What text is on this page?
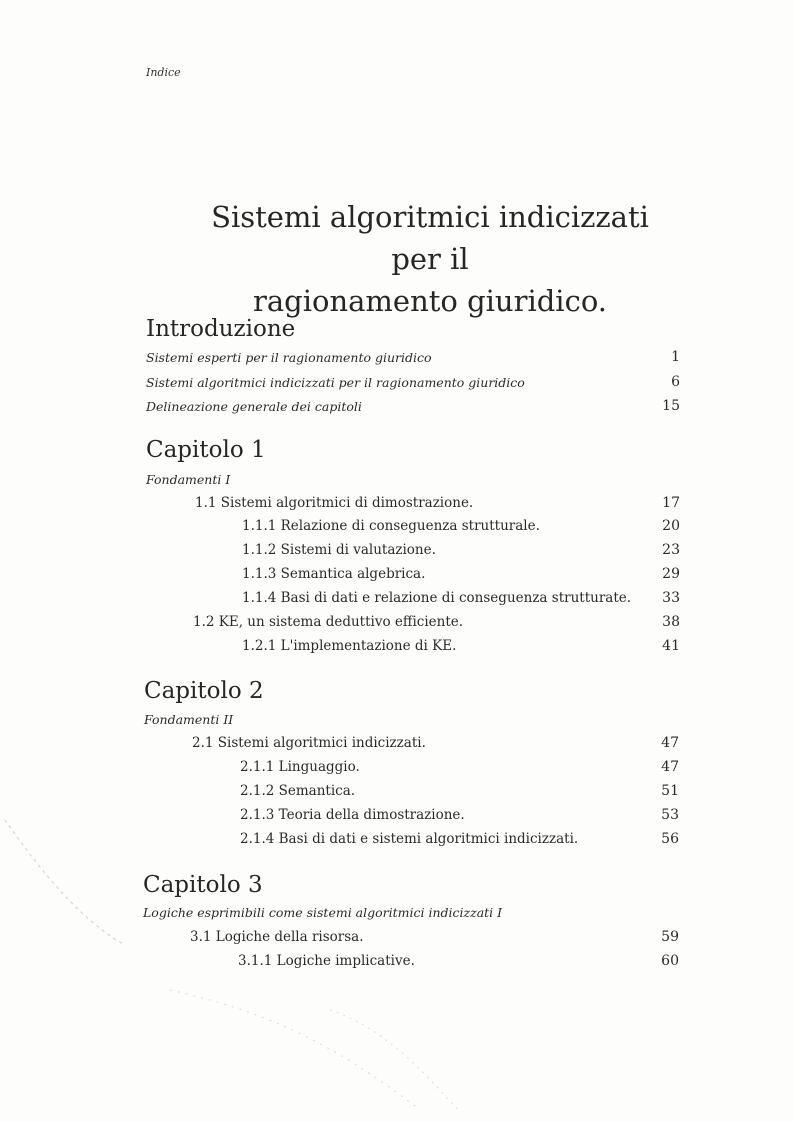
Indice
Sistemi algoritmici indicizzati per il
ragionamento giuridico.
Introduzione
Sistemi esperti per il ragionamento giuridico	1
Sistemi algoritmici indicizzati per il ragionamento giuridico	6
Delineazione generale dei capitoli	15
Capitolo 1
Fondamenti I
1.1 Sistemi algoritmici di dimostrazione.	17
1.1.1 Relazione di conseguenza strutturale.	20
1.1.2 Sistemi di valutazione.	23
1.1.3 Semantica algebrica.	29
1.1.4 Basi di dati e relazione di conseguenza strutturate.	33
1.2 KE, un sistema deduttivo efficiente.	38
1.2.1 L'implementazione di KE.	41
Capitolo 2
Fondamenti II
2.1 Sistemi algoritmici indicizzati.	47
2.1.1 Linguaggio.	47
2.1.2 Semantica.	51
2.1.3 Teoria della dimostrazione.	53
2.1.4 Basi di dati e sistemi algoritmici indicizzati.	56
Capitolo 3
Logiche esprimibili come sistemi algoritmici indicizzati I
3.1 Logiche della risorsa.	59
3.1.1 Logiche implicative.	60
